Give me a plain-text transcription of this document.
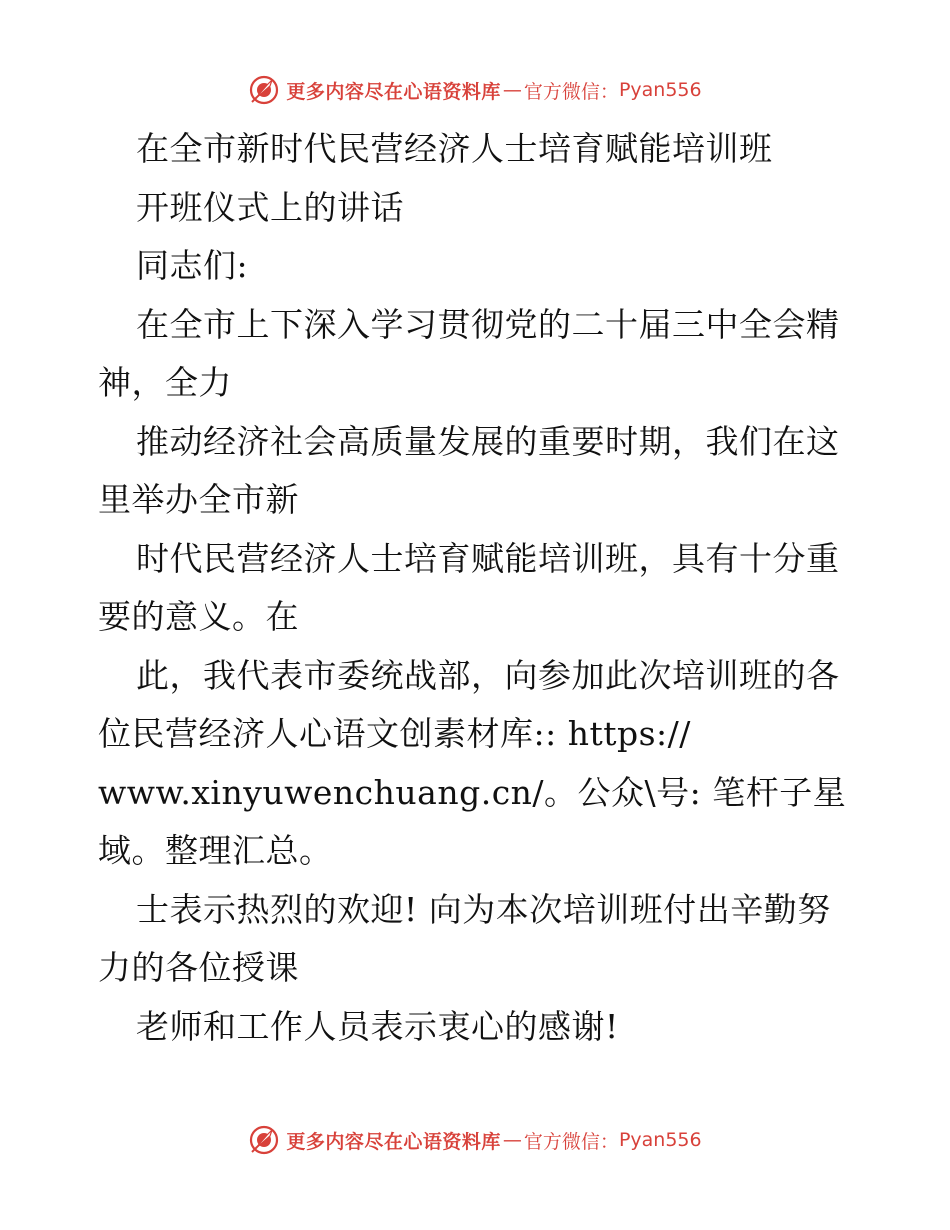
更多内容尽在心语资料库 — 官方微信： Pyan556
在全市新时代民营经济人士培育赋能培训班
开班仪式上的讲话
同志们:
在全市上下深入学习贯彻党的二十届三中全会精
神，全力
推动经济社会高质量发展的重要时期，我们在这
里举办全市新
时代民营经济人士培育赋能培训班，具有十分重
要的意义。在
此，我代表市委统战部，向参加此次培训班的各
位民营经济人心语文创素材库:: https://
www.xinyuwenchuang.cn/。公众\号: 笔杆子星
域。整理汇总。
士表示热烈的欢迎! 向为本次培训班付出辛勤努
力的各位授课
老师和工作人员表示衷心的感谢!
更多内容尽在心语资料库 — 官方微信： Pyan556
